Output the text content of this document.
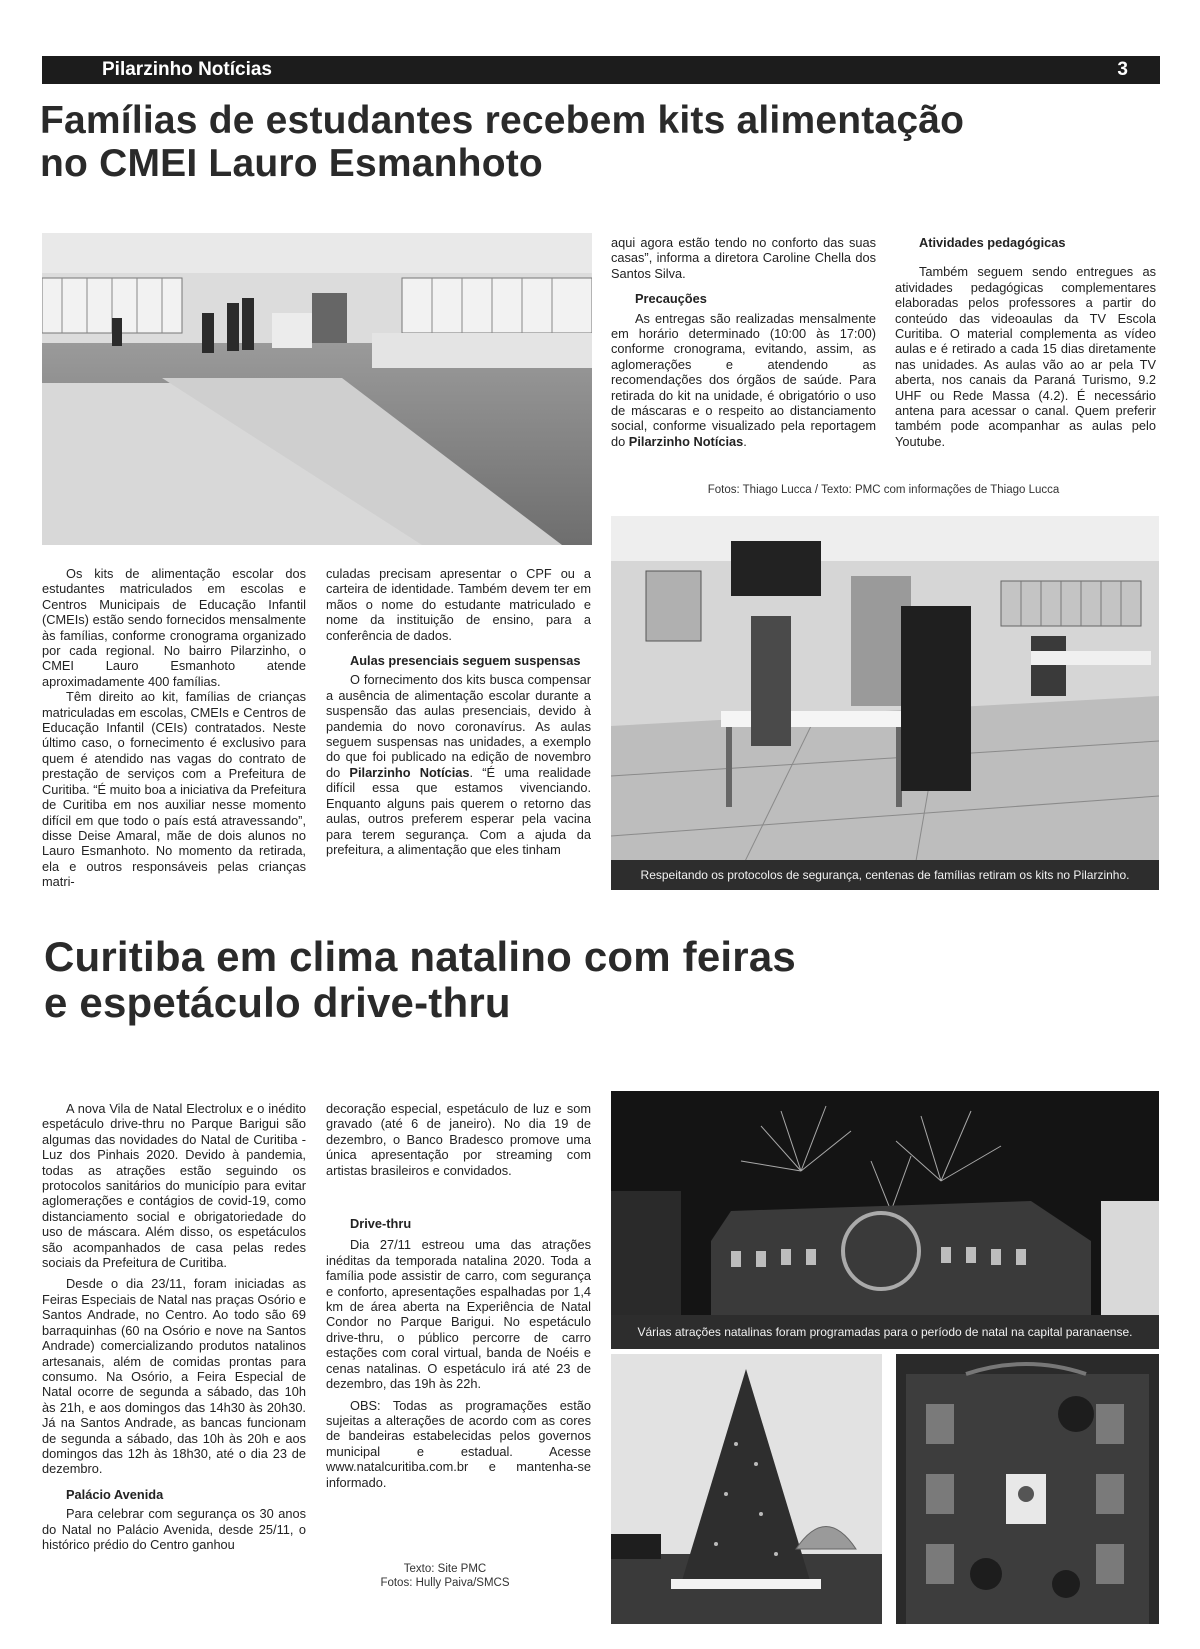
Pilarzinho Notícias	3
Famílias de estudantes recebem kits alimentação
no CMEI Lauro Esmanhoto

Os kits de alimentação escolar dos estudantes matriculados em escolas e Centros Municipais de Educação Infantil (CMEIs) estão sendo fornecidos mensalmente às famílias, conforme cronograma organizado por cada regional. No bairro Pilarzinho, o CMEI Lauro Esmanhoto atende aproximadamente 400 famílias.

Têm direito ao kit, famílias de crianças matriculadas em escolas, CMEIs e Centros de Educação Infantil (CEIs) contratados. Neste último caso, o fornecimento é exclusivo para quem é atendido nas vagas do contrato de prestação de serviços com a Prefeitura de Curitiba. “É muito boa a iniciativa da Prefeitura de Curitiba em nos auxiliar nesse momento difícil em que todo o país está atravessando”, disse Deise Amaral, mãe de dois alunos no Lauro Esmanhoto. No momento da retirada, ela e outros responsáveis pelas crianças matri-

culadas precisam apresentar o CPF ou a carteira de identidade. Também devem ter em mãos o nome do estudante matriculado e nome da instituição de ensino, para a conferência de dados.

Aulas presenciais seguem suspensas

O fornecimento dos kits busca compensar a ausência de alimentação escolar durante a suspensão das aulas presenciais, devido à pandemia do novo coronavírus. As aulas seguem suspensas nas unidades, a exemplo do que foi publicado na edição de novembro do Pilarzinho Notícias. “É uma realidade difícil essa que estamos vivenciando. Enquanto alguns pais querem o retorno das aulas, outros preferem esperar pela vacina para terem segurança. Com a ajuda da prefeitura, a alimentação que eles tinham

aqui agora estão tendo no conforto das suas casas”, informa a diretora Caroline Chella dos Santos Silva.

Precauções

As entregas são realizadas mensalmente em horário determinado (10:00 às 17:00) conforme cronograma, evitando, assim, as aglomerações e atendendo as recomendações dos órgãos de saúde. Para retirada do kit na unidade, é obrigatório o uso de máscaras e o respeito ao distanciamento social, conforme visualizado pela reportagem do Pilarzinho Notícias.

Atividades pedagógicas

Também seguem sendo entregues as atividades pedagógicas complementares elaboradas pelos professores a partir do conteúdo das videoaulas da TV Escola Curitiba. O material complementa as vídeo aulas e é retirado a cada 15 dias diretamente nas unidades. As aulas vão ao ar pela TV aberta, nos canais da Paraná Turismo, 9.2 UHF ou Rede Massa (4.2). É necessário antena para acessar o canal. Quem preferir também pode acompanhar as aulas pelo Youtube.

Fotos: Thiago Lucca / Texto: PMC com informações de Thiago Lucca
Respeitando os protocolos de segurança, centenas de famílias retiram os kits no Pilarzinho.
Curitiba em clima natalino com feiras
e espetáculo drive-thru

A nova Vila de Natal Electrolux e o inédito espetáculo drive-thru no Parque Barigui são algumas das novidades do Natal de Curitiba - Luz dos Pinhais 2020. Devido à pandemia, todas as atrações estão seguindo os protocolos sanitários do município para evitar aglomerações e contágios de covid-19, como distanciamento social e obrigatoriedade do uso de máscara. Além disso, os espetáculos são acompanhados de casa pelas redes sociais da Prefeitura de Curitiba.

Desde o dia 23/11, foram iniciadas as Feiras Especiais de Natal nas praças Osório e Santos Andrade, no Centro. Ao todo são 69 barraquinhas (60 na Osório e nove na Santos Andrade) comercializando produtos natalinos artesanais, além de comidas prontas para consumo. Na Osório, a Feira Especial de Natal ocorre de segunda a sábado, das 10h às 21h, e aos domingos das 14h30 às 20h30. Já na Santos Andrade, as bancas funcionam de segunda a sábado, das 10h às 20h e aos domingos das 12h às 18h30, até o dia 23 de dezembro.

Palácio Avenida

Para celebrar com segurança os 30 anos do Natal no Palácio Avenida, desde 25/11, o histórico prédio do Centro ganhou

decoração especial, espetáculo de luz e som gravado (até 6 de janeiro). No dia 19 de dezembro, o Banco Bradesco promove uma única apresentação por streaming com artistas brasileiros e convidados.

Drive-thru

Dia 27/11 estreou uma das atrações inéditas da temporada natalina 2020. Toda a família pode assistir de carro, com segurança e conforto, apresentações espalhadas por 1,4 km de área aberta na Experiência de Natal Condor no Parque Barigui. No espetáculo drive-thru, o público percorre de carro estações com coral virtual, banda de Noéis e cenas natalinas. O espetáculo irá até 23 de dezembro, das 19h às 22h.

OBS: Todas as programações estão sujeitas a alterações de acordo com as cores de bandeiras estabelecidas pelos governos municipal e estadual. Acesse www.natalcuritiba.com.br e mantenha-se informado.

Texto: Site PMC
Fotos: Hully Paiva/SMCS
Várias atrações natalinas foram programadas para o período de natal na capital paranaense.
